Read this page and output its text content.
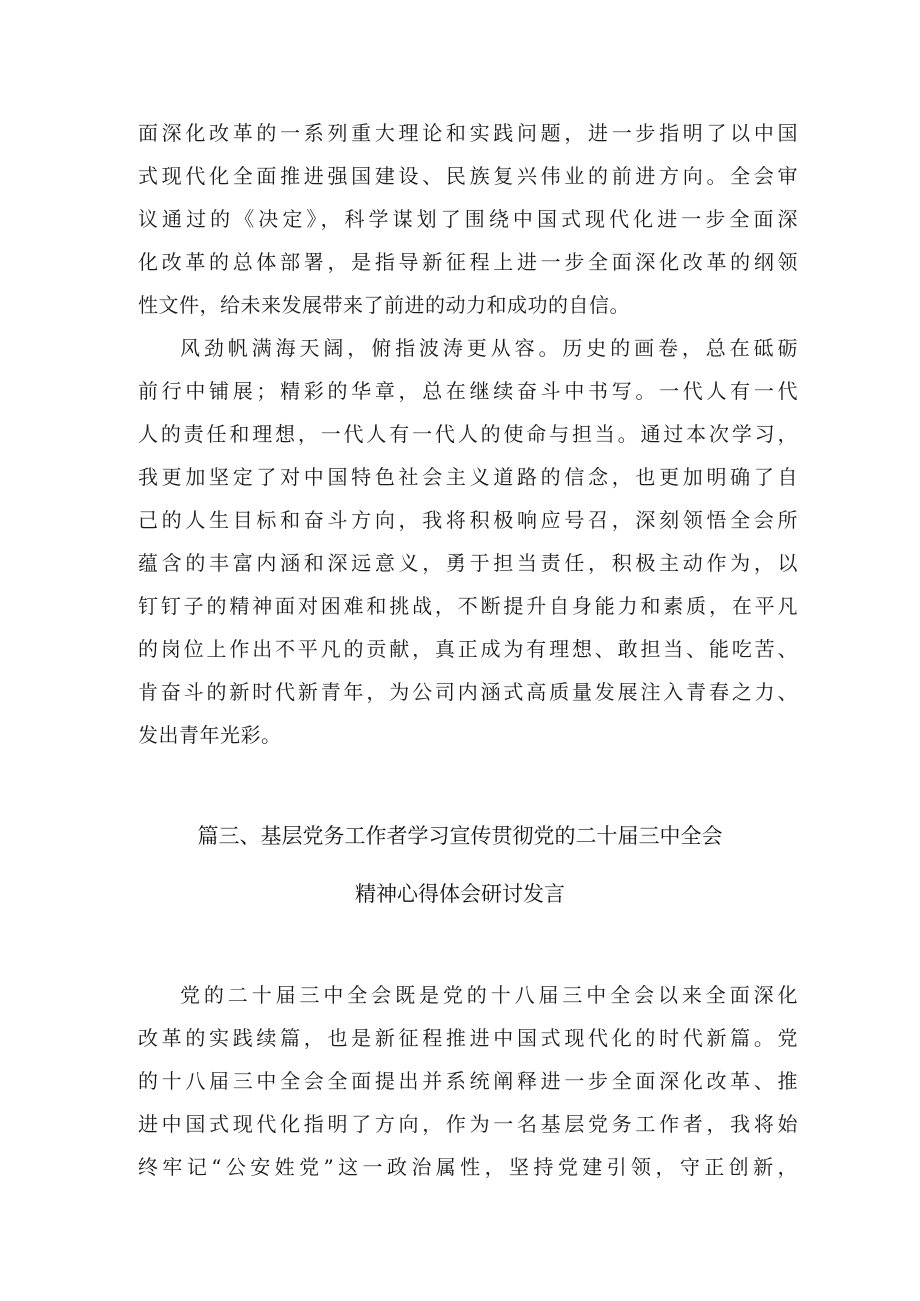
面深化改革的一系列重大理论和实践问题，进一步指明了以中国
式现代化全面推进强国建设、民族复兴伟业的前进方向。全会审
议通过的《决定》，科学谋划了围绕中国式现代化进一步全面深
化改革的总体部署，是指导新征程上进一步全面深化改革的纲领
性文件，给未来发展带来了前进的动力和成功的自信。
风劲帆满海天阔，俯指波涛更从容。历史的画卷，总在砥砺
前行中铺展；精彩的华章，总在继续奋斗中书写。一代人有一代
人的责任和理想，一代人有一代人的使命与担当。通过本次学习，
我更加坚定了对中国特色社会主义道路的信念，也更加明确了自
己的人生目标和奋斗方向，我将积极响应号召，深刻领悟全会所
蕴含的丰富内涵和深远意义，勇于担当责任，积极主动作为，以
钉钉子的精神面对困难和挑战，不断提升自身能力和素质，在平凡
的岗位上作出不平凡的贡献，真正成为有理想、敢担当、能吃苦、
肯奋斗的新时代新青年，为公司内涵式高质量发展注入青春之力、
发出青年光彩。
篇三、基层党务工作者学习宣传贯彻党的二十届三中全会
精神心得体会研讨发言
党的二十届三中全会既是党的十八届三中全会以来全面深化
改革的实践续篇，也是新征程推进中国式现代化的时代新篇。党
的十八届三中全会全面提出并系统阐释进一步全面深化改革、推
进中国式现代化指明了方向，作为一名基层党务工作者，我将始
终牢记“公安姓党”这一政治属性，坚持党建引领，守正创新，
